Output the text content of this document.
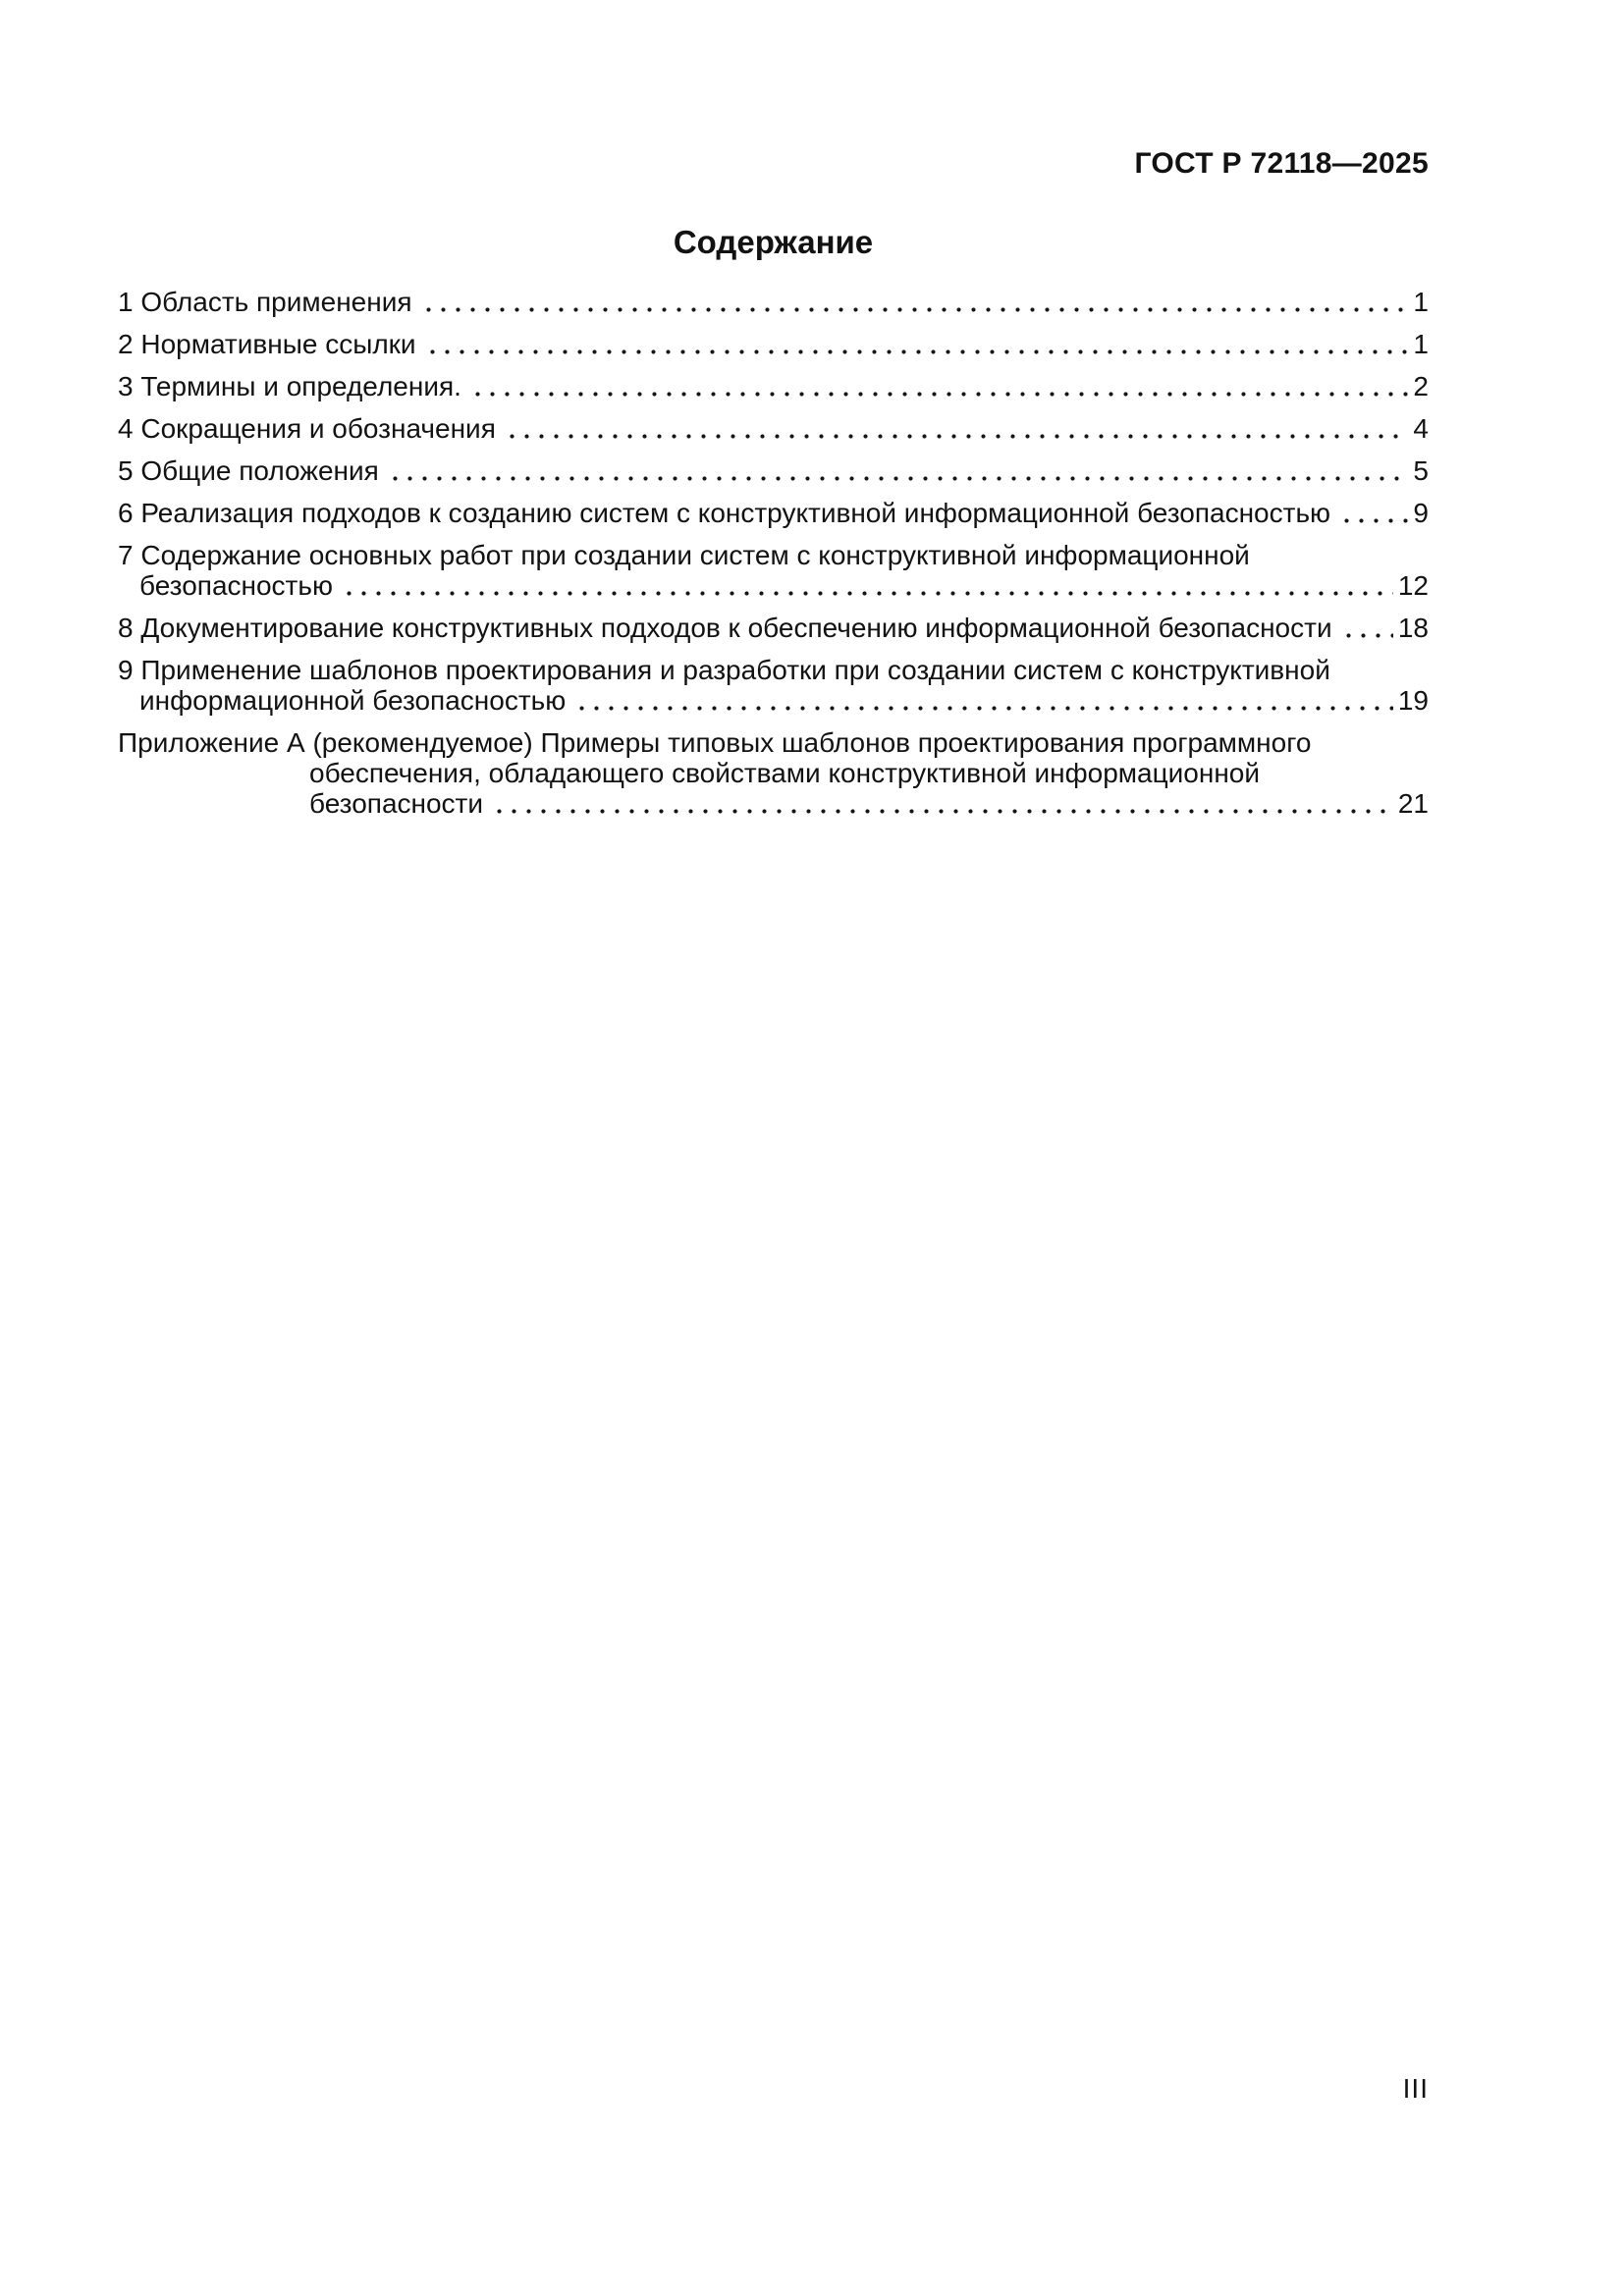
ГОСТ Р 72118—2025
Содержание
1 Область применения	1
2 Нормативные ссылки	1
3 Термины и определения.	2
4 Сокращения и обозначения	4
5 Общие положения	5
6 Реализация подходов к созданию систем с конструктивной информационной безопасностью	9
7 Содержание основных работ при создании систем с конструктивной информационной
безопасностью	12
8 Документирование конструктивных подходов к обеспечению информационной безопасности 18
9 Применение шаблонов проектирования и разработки при создании систем с конструктивной
информационной безопасностью	19
Приложение А (рекомендуемое) Примеры типовых шаблонов проектирования программного
обеспечения, обладающего свойствами конструктивной информационной
безопасности	21
III
